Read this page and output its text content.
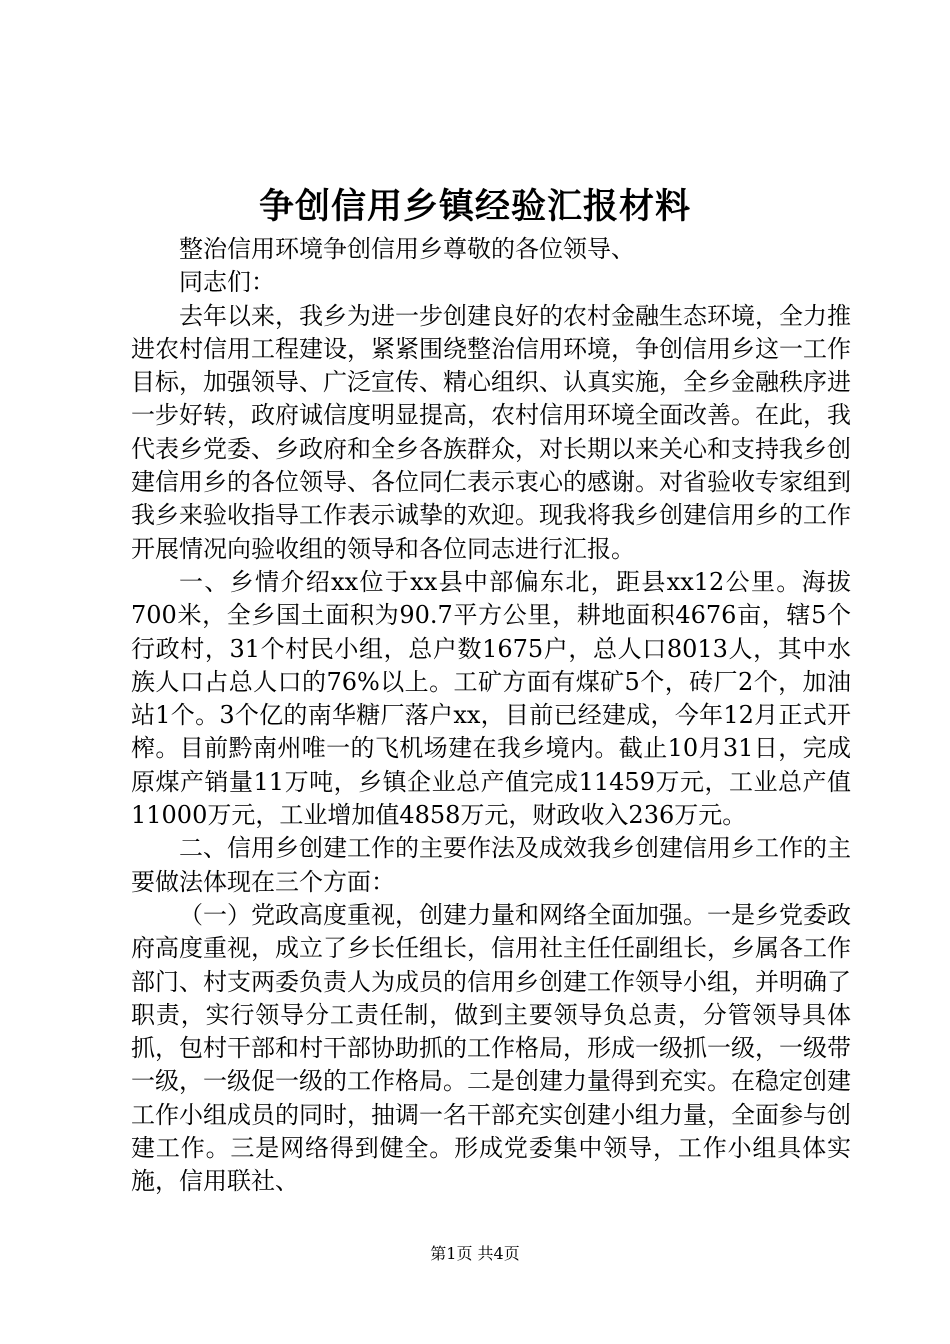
争创信用乡镇经验汇报材料

整治信用环境争创信用乡尊敬的各位领导、

同志们：

去年以来，我乡为进一步创建良好的农村金融生态环境，全力推进农村信用工程建设，紧紧围绕整治信用环境，争创信用乡这一工作目标，加强领导、广泛宣传、精心组织、认真实施，全乡金融秩序进一步好转，政府诚信度明显提高，农村信用环境全面改善。在此，我代表乡党委、乡政府和全乡各族群众，对长期以来关心和支持我乡创建信用乡的各位领导、各位同仁表示衷心的感谢。对省验收专家组到我乡来验收指导工作表示诚挚的欢迎。现我将我乡创建信用乡的工作开展情况向验收组的领导和各位同志进行汇报。

一、乡情介绍xx位于xx县中部偏东北，距县xx12公里。海拔700米，全乡国土面积为90.7平方公里，耕地面积4676亩，辖5个行政村，31个村民小组，总户数1675户，总人口8013人，其中水族人口占总人口的76%以上。工矿方面有煤矿5个，砖厂2个，加油站1个。3个亿的南华糖厂落户xx，目前已经建成，今年12月正式开榨。目前黔南州唯一的飞机场建在我乡境内。截止10月31日，完成原煤产销量11万吨，乡镇企业总产值完成11459万元，工业总产值11000万元，工业增加值4858万元，财政收入236万元。

二、信用乡创建工作的主要作法及成效我乡创建信用乡工作的主要做法体现在三个方面：

（一）党政高度重视，创建力量和网络全面加强。一是乡党委政府高度重视，成立了乡长任组长，信用社主任任副组长，乡属各工作部门、村支两委负责人为成员的信用乡创建工作领导小组，并明确了职责，实行领导分工责任制，做到主要领导负总责，分管领导具体抓，包村干部和村干部协助抓的工作格局，形成一级抓一级，一级带一级，一级促一级的工作格局。二是创建力量得到充实。在稳定创建工作小组成员的同时，抽调一名干部充实创建小组力量，全面参与创建工作。三是网络得到健全。形成党委集中领导，工作小组具体实施，信用联社、

第1页 共4页
